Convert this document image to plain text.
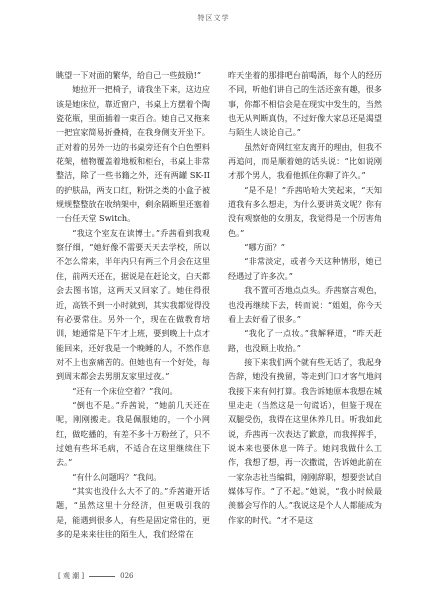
特区文学

眺望一下对面的繁华，给自己一些鼓励!”

她拉开一把椅子，请我坐下来，这边应该是她床位，靠近窗户，书桌上方摆着个陶瓷花瓶，里面插着一束百合。她自己又拖来一把宜家简易折叠椅，在我身侧支开坐下。正对着的另外一边的书桌旁还有个白色塑料花架，植物覆盖着地板和柜台，书桌上非常整洁，除了一些书籍之外，还有两罐 SK-II 的护肤品，两支口红，粉饼之类的小盒子被规规整整放在收纳架中，剩余隔断里还塞着一台任天堂 Switch。

“我这个室友在读博士。”乔茜看到我观察仔细，“她好像不需要天天去学校，所以不怎么常来，半年内只有两三个月会在这里住，前两天还在，据说是在赶论文，白天都会去图书馆，这两天又回家了。她住得很近，高铁不到一小时就到，其实我都觉得没有必要常住。另外一个，现在在做教育培训，她通常是下午才上班，要到晚上十点才能回来，还好我是一个晚睡的人，不然作息对不上也蛮痛苦的。但她也有一个好处，每到周末都会去男朋友家里过夜。”

“还有一个床位空着？”我问。

“倒也不是。”乔茜说，“她前几天还在呢，刚刚搬走。我是佩服她的，一个小网红，做吃播的，有差不多十万粉丝了，只不过她有些坏毛病，不适合在这里继续住下去。”

“有什么问题吗？”我问。

“其实也没什么大不了的。”乔茜避开话题，“虽然这里十分经济，但更吸引我的是，能遇到很多人，有些是固定常住的，更多的是来来往往的陌生人，我们经常在

昨天坐着的那排吧台前喝酒，每个人的经历不同，听他们讲自己的生活还蛮有趣，很多事，你都不相信会是在现实中发生的，当然也无从判断真伪，不过好像大家总还是渴望与陌生人谈论自己。”

虽然好奇网红室友离开的理由，但我不再追问，而是顺着她的话头说：“比如说刚才那个男人，我看他抓住你聊了许久。”

“是不是！”乔茜哈哈大笑起来，“天知道我有多么想走，为什么要讲英文呢？你有没有观察他的女朋友，我觉得是一个厉害角色。”

“哪方面？”

“非常淡定，或者今天这种情形，她已经遇过了许多次。”

我不置可否地点点头。乔茜察言观色，也没再继续下去，转而说：“姐姐，你今天看上去好看了很多。”

“我化了一点妆。”我解释道，“昨天赶路，也没顾上收拾。”

接下来我们两个就有些无话了，我起身告辞，她没有挽留，等走到门口才客气地问我接下来有何打算。我告诉她原本我想在城里走走（当然这是一句谎话），但鉴于现在双腿受伤，我得在这里休养几日。听我如此说，乔茜再一次表达了歉意，而我挥挥手，说本来也要休息一阵子。她问我做什么工作，我想了想，再一次撒谎，告诉她此前在一家杂志社当编辑，刚刚辞职，想要尝试自媒体写作。“了不起。”她说，“我小时候最羡慕会写作的人。”我说这是个人人都能成为作家的时代。“才不是这

[ 观 潮 ]	026
